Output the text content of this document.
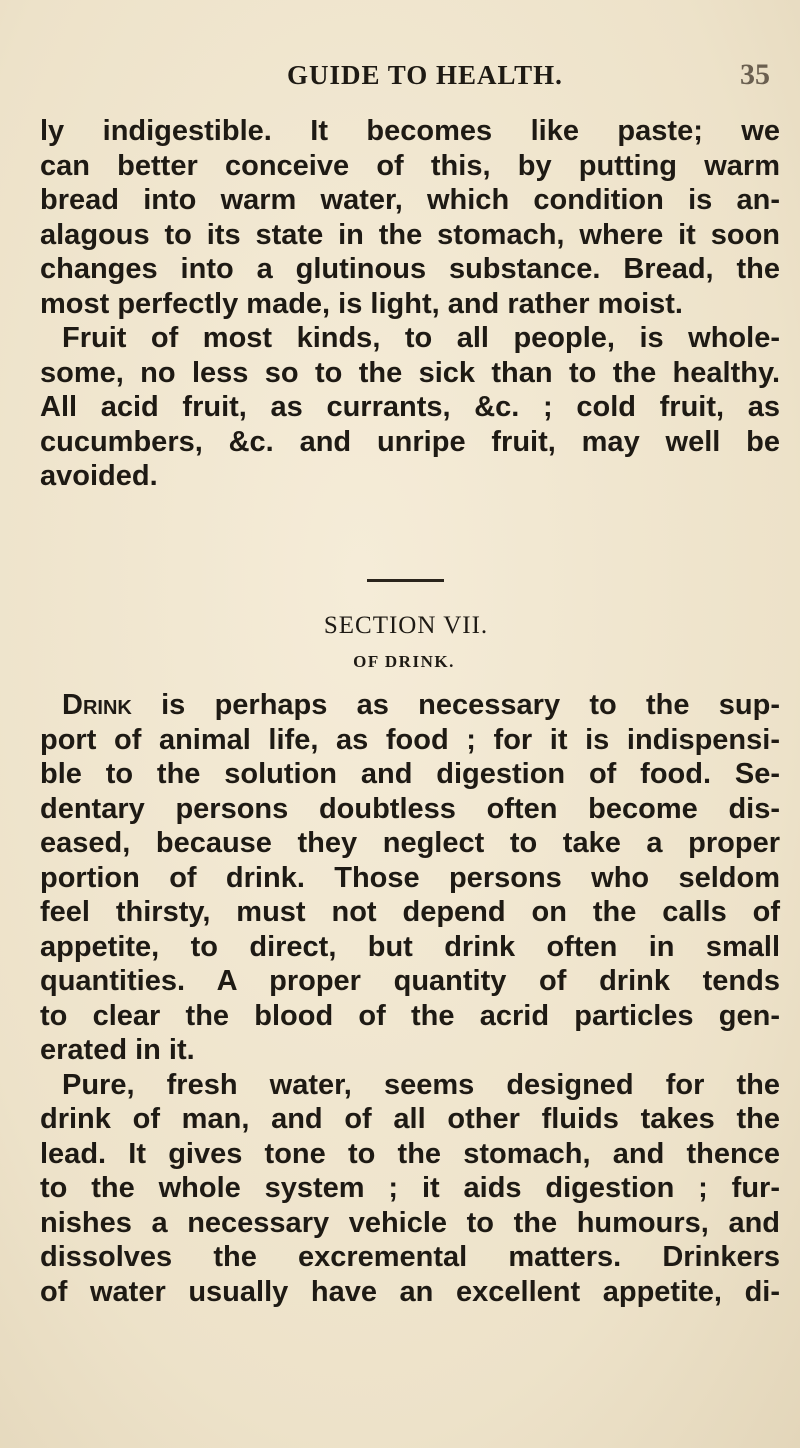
GUIDE TO HEALTH.	35
ly indigestible. It becomes like paste; we
can better conceive of this, by putting warm
bread into warm water, which condition is an-
alagous to its state in the stomach, where it soon
changes into a glutinous substance. Bread, the
most perfectly made, is light, and rather moist.
Fruit of most kinds, to all people, is whole-
some, no less so to the sick than to the healthy.
All acid fruit, as currants, &c. ; cold fruit, as
cucumbers, &c. and unripe fruit, may well be
avoided.
SECTION VII.
OF DRINK.
Drink is perhaps as necessary to the sup-
port of animal life, as food ; for it is indispensi-
ble to the solution and digestion of food. Se-
dentary persons doubtless often become dis-
eased, because they neglect to take a proper
portion of drink. Those persons who seldom
feel thirsty, must not depend on the calls of
appetite, to direct, but drink often in small
quantities. A proper quantity of drink tends
to clear the blood of the acrid particles gen-
erated in it.
Pure, fresh water, seems designed for the
drink of man, and of all other fluids takes the
lead. It gives tone to the stomach, and thence
to the whole system ; it aids digestion ; fur-
nishes a necessary vehicle to the humours, and
dissolves the excremental matters. Drinkers
of water usually have an excellent appetite, di-
